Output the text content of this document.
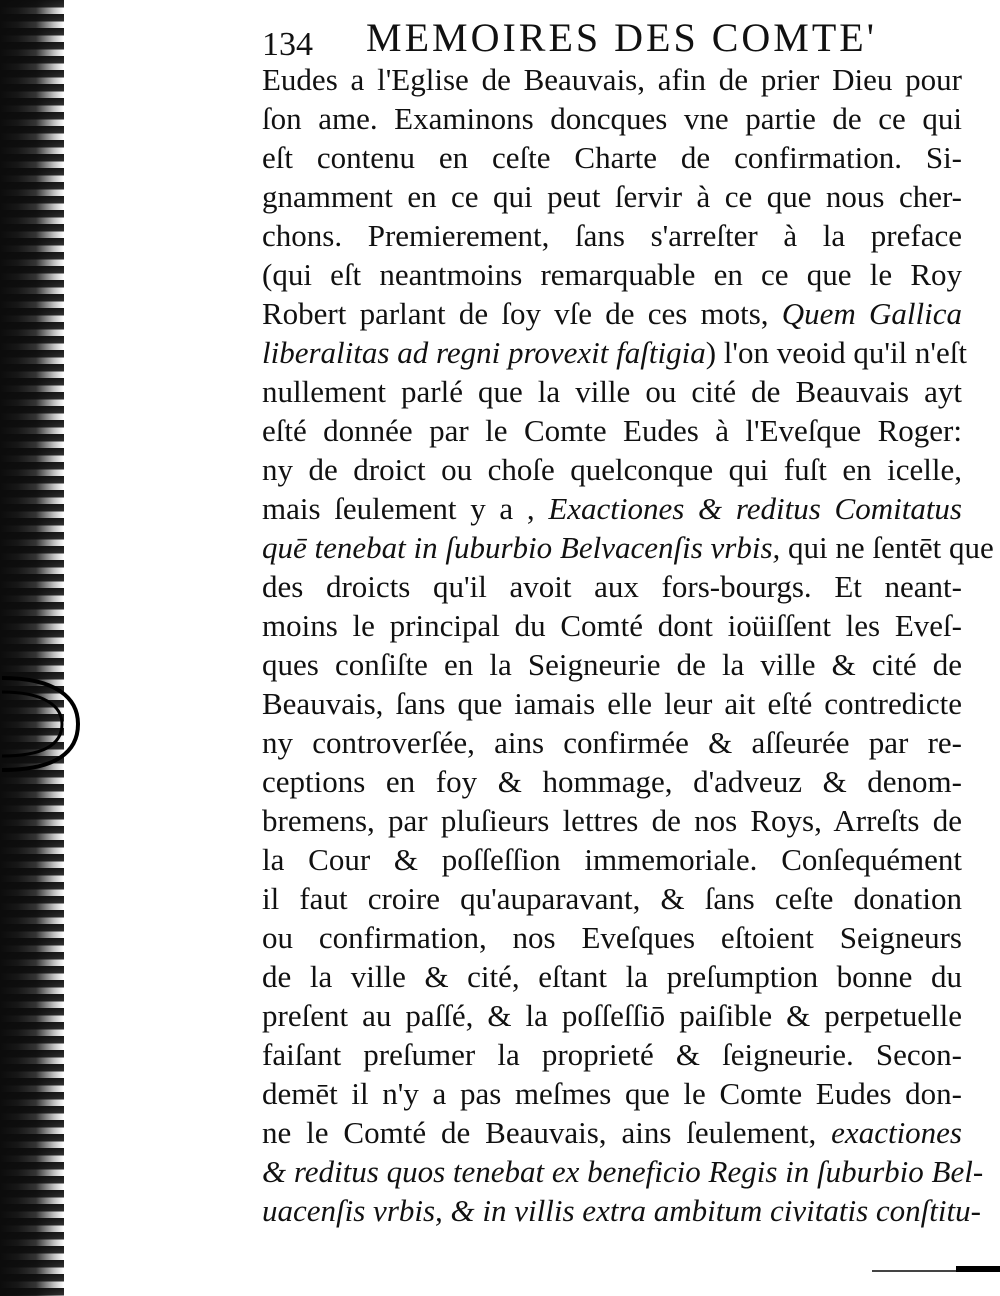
134 MEMOIRES DES COMTE'
Eudes a l'Eglise de Beauvais, afin de prier Dieu pour
ſon ame. Examinons doncques vne partie de ce qui
eſt contenu en ceſte Charte de confirmation. Si-
gnamment en ce qui peut ſervir à ce que nous cher-
chons. Premierement, ſans s'arreſter à la preface
(qui eſt neantmoins remarquable en ce que le Roy
Robert parlant de ſoy vſe de ces mots, Quem Gallica
liberalitas ad regni provexit faſtigia) l'on veoid qu'il n'eſt
nullement parlé que la ville ou cité de Beauvais ayt
eſté donnée par le Comte Eudes à l'Eveſque Roger:
ny de droict ou choſe quelconque qui fuſt en icelle,
mais ſeulement y a , Exactiones & reditus Comitatus
quē tenebat in ſuburbio Belvacenſis vrbis, qui ne ſentēt que
des droicts qu'il avoit aux fors-bourgs. Et neant-
moins le principal du Comté dont ioüiſſent les Eveſ-
ques conſiſte en la Seigneurie de la ville & cité de
Beauvais, ſans que iamais elle leur ait eſté contredicte
ny controverſée, ains confirmée & aſſeurée par re-
ceptions en foy & hommage, d'adveuz & denom-
bremens, par pluſieurs lettres de nos Roys, Arreſts de
la Cour & poſſeſſion immemoriale. Conſequément
il faut croire qu'auparavant, & ſans ceſte donation
ou confirmation, nos Eveſques eſtoient Seigneurs
de la ville & cité, eſtant la preſumption bonne du
preſent au paſſé, & la poſſeſſiō paiſible & perpetuelle
faiſant preſumer la proprieté & ſeigneurie. Secon-
demēt il n'y a pas meſmes que le Comte Eudes don-
ne le Comté de Beauvais, ains ſeulement, exactiones
& reditus quos tenebat ex beneficio Regis in ſuburbio Bel-
uacenſis vrbis, & in villis extra ambitum civitatis conſtitu-
